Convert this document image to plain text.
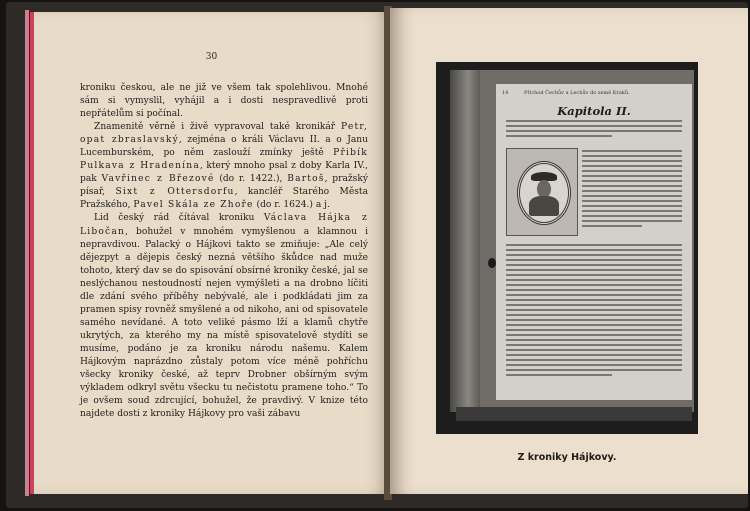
30

kroniku českou, ale ne již ve všem tak spolehlivou. Mnohé sám si vymyslil, vyhájil a i dosti nespravedlivě proti nepřátelům si počínal.

Znamenitě věrně i živě vypravoval také kronikář Petr, opat zbraslavský, zejména o králi Václavu II. a o Janu Lucemburském, po něm zaslouží zmínky ještě Přibík Pulkava z Hradenína, který mnoho psal z doby Karla IV., pak Vavřinec z Březové (do r. 1422.), Bartoš, pražský písař, Sixt z Ottersdorfu, kancléř Starého Města Pražského, Pavel Skála ze Zhoře (do r. 1624.) a j.

Lid český rád čítával kroniku Václava Hájka z Libočan, bohužel v mnohém vymyšlenou a klamnou i nepravdivou. Palacký o Hájkovi takto se zmiňuje: „Ale celý dějezpyt a dějepis český nezná většího škůdce nad muže tohoto, který dav se do spisování obsírné kroniky české, jal se neslýchanou nestoudností nejen vymýšleti a na drobno líčiti dle zdání svého příběhy nebývalé, ale i podkládati jim za pramen spisy rovněž smyšlené a od nikoho, ani od spisovatele samého nevídané. A toto veliké pásmo lží a klamů chytře ukrytých, za kterého my na místě spisovatelově stydíti se musíme, podáno je za kroniku národu našemu. Kalem Hájkovým naprázdno zůstaly potom více méně pohříchu všecky kroniky české, až teprv Drobner obšírným svým výkladem odkryl světu všecku tu nečistotu pramene toho.“ To je ovšem soud zdrcující, bohužel, že pravdivý. V knize této najdete dosti z kroniky Hájkovy pro vaši zábavu

14	Příchod Čechův a Lechův do země Kraků.
Kapitola II.
Z kroniky Hájkovy.
